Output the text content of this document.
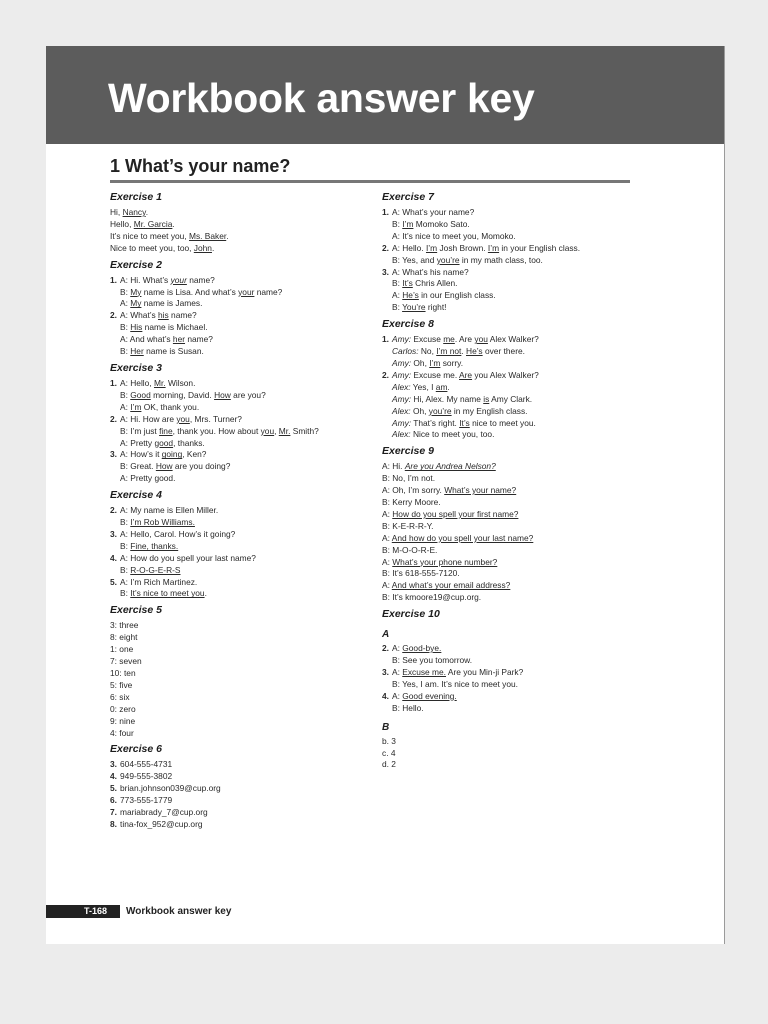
Workbook answer key
1 What’s your name?
Exercise 1
Hi, Nancy.
Hello, Mr. Garcia.
It’s nice to meet you, Ms. Baker.
Nice to meet you, too, John.
Exercise 2
1. A: Hi. What’s your name?
B: My name is Lisa. And what’s your name?
A: My name is James.
2. A: What’s his name?
B: His name is Michael.
A: And what’s her name?
B: Her name is Susan.
Exercise 3
1. A: Hello, Mr. Wilson.
B: Good morning, David. How are you?
A: I’m OK, thank you.
2. A: Hi. How are you, Mrs. Turner?
B: I’m just fine, thank you. How about you, Mr. Smith?
A: Pretty good, thanks.
3. A: How’s it going, Ken?
B: Great. How are you doing?
A: Pretty good.
Exercise 4
2. A: My name is Ellen Miller.
B: I’m Rob Williams.
3. A: Hello, Carol. How’s it going?
B: Fine, thanks.
4. A: How do you spell your last name?
B: R-O-G-E-R-S
5. A: I’m Rich Martinez.
B: It’s nice to meet you.
Exercise 5
3: three
8: eight
1: one
7: seven
10: ten
5: five
6: six
0: zero
9: nine
4: four
Exercise 6
3. 604-555-4731
4. 949-555-3802
5. brian.johnson039@cup.org
6. 773-555-1779
7. mariabrady_7@cup.org
8. tina-fox_952@cup.org
Exercise 7
1. A: What’s your name?
B: I’m Momoko Sato.
A: It’s nice to meet you, Momoko.
2. A: Hello. I’m Josh Brown. I’m in your English class.
B: Yes, and you’re in my math class, too.
3. A: What’s his name?
B: It’s Chris Allen.
A: He’s in our English class.
B: You’re right!
Exercise 8
1. Amy: Excuse me. Are you Alex Walker?
Carlos: No, I’m not. He’s over there.
Amy: Oh, I’m sorry.
2. Amy: Excuse me. Are you Alex Walker?
Alex: Yes, I am.
Amy: Hi, Alex. My name is Amy Clark.
Alex: Oh, you’re in my English class.
Amy: That’s right. It’s nice to meet you.
Alex: Nice to meet you, too.
Exercise 9
A: Hi. Are you Andrea Nelson?
B: No, I’m not.
A: Oh, I’m sorry. What’s your name?
B: Kerry Moore.
A: How do you spell your first name?
B: K-E-R-R-Y.
A: And how do you spell your last name?
B: M-O-O-R-E.
A: What’s your phone number?
B: It’s 618-555-7120.
A: And what’s your email address?
B: It’s kmoore19@cup.org.
Exercise 10
A
2. A: Good-bye.
B: See you tomorrow.
3. A: Excuse me. Are you Min-ji Park?
B: Yes, I am. It’s nice to meet you.
4. A: Good evening.
B: Hello.
B
b. 3
c. 4
d. 2
T-168 Workbook answer key
